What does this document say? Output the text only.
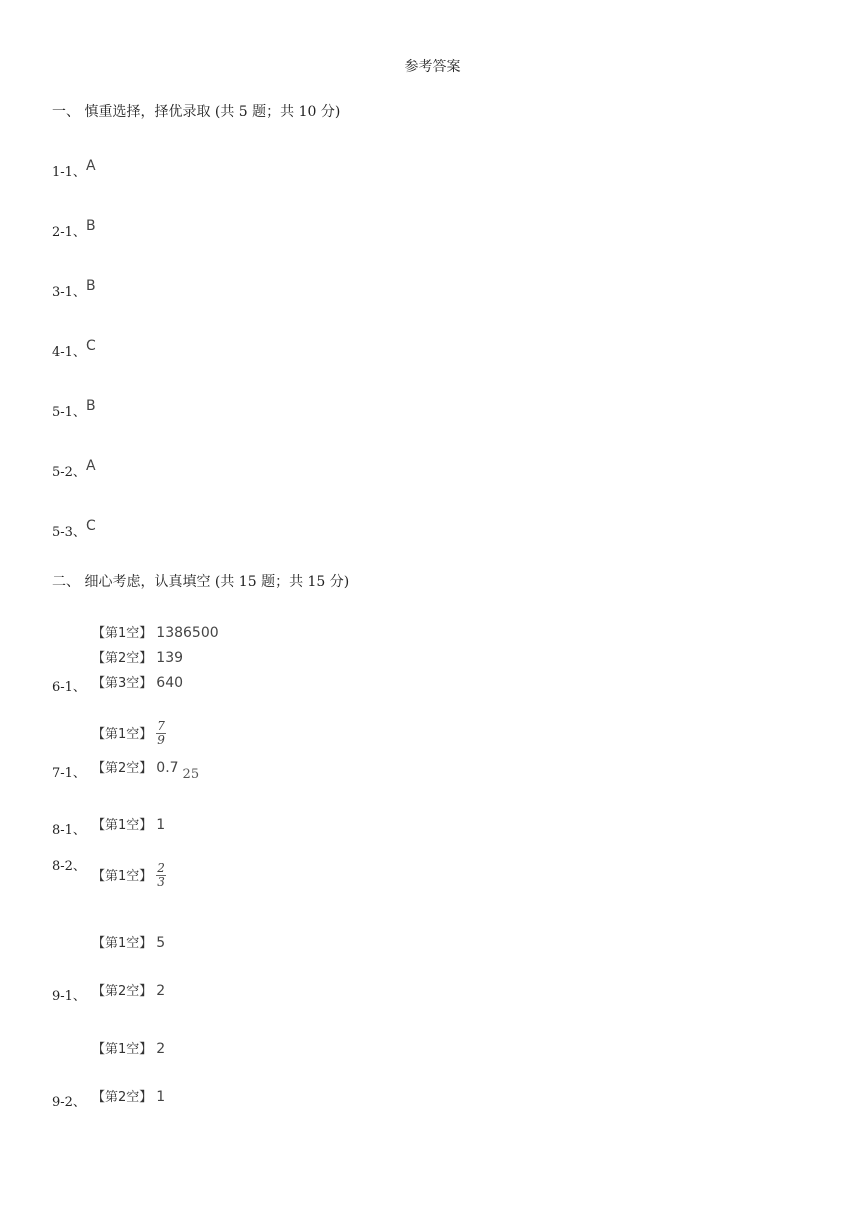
参考答案
一、 慎重选择，择优录取 (共 5 题；共 10 分)
1-1、A
2-1、B
3-1、B
4-1、C
5-1、B
5-2、A
5-3、C
二、 细心考虑，认真填空 (共 15 题；共 15 分)
【第1空】 1386500
【第2空】 139
【第3空】 640
6-1、
【第1空】 $\frac{7}{9}$
【第2空】 0.7 $_{25}$
7-1、
【第1空】 1
8-1、
【第1空】 $\frac{2}{3}$
8-2、
【第1空】 5
【第2空】 2
9-1、
【第1空】 2
【第2空】 1
9-2、
